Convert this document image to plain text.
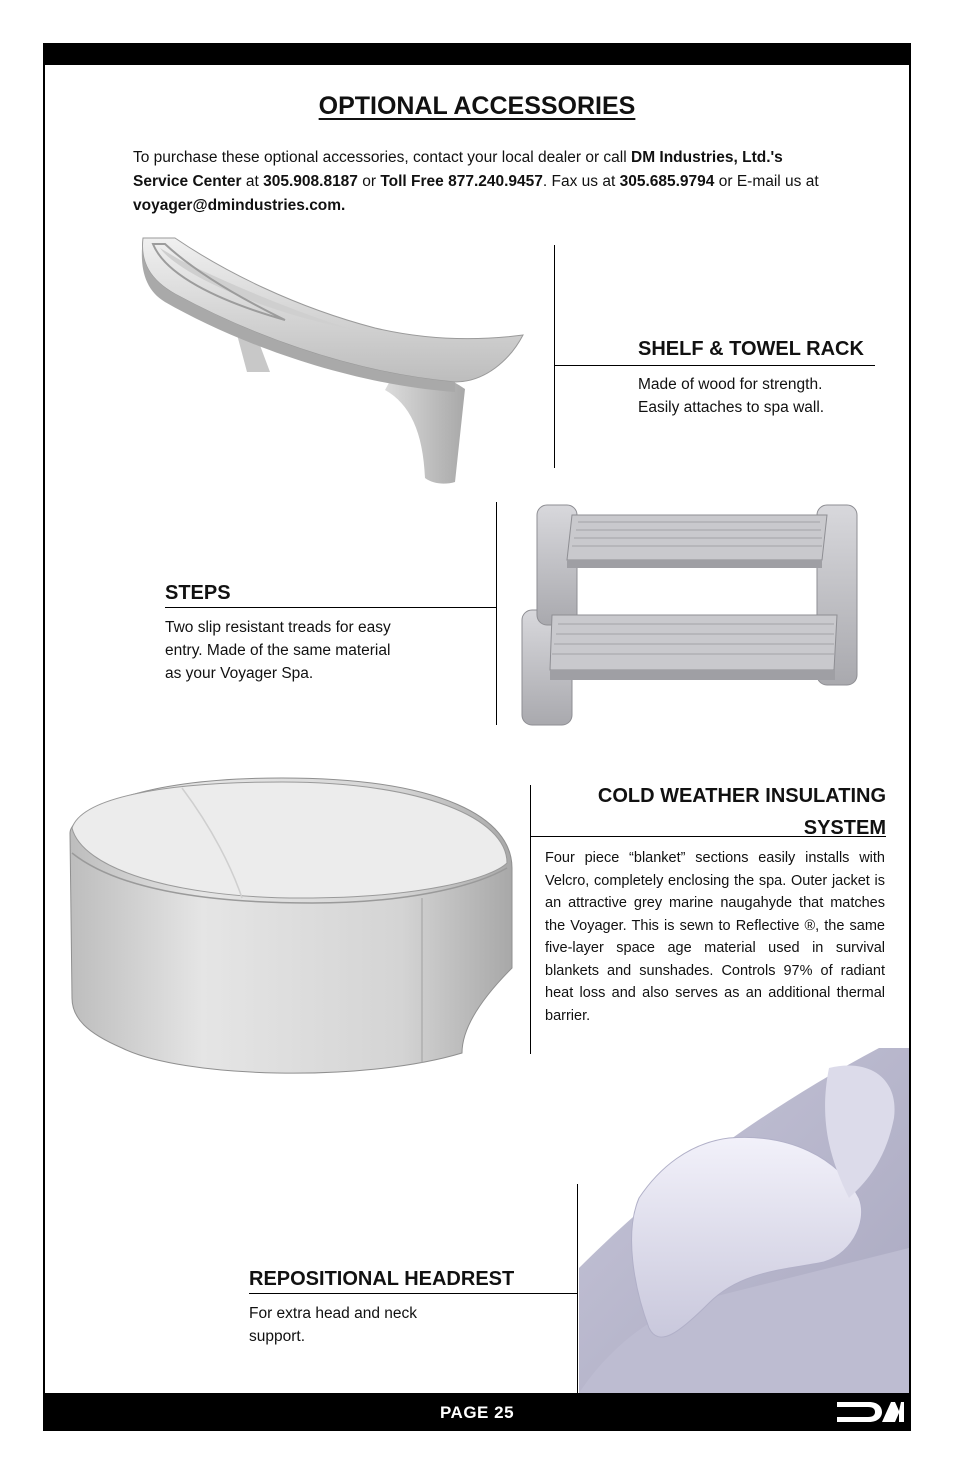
OPTIONAL ACCESSORIES
To purchase these optional accessories, contact your local dealer or call DM Industries, Ltd.'s Service Center at 305.908.8187 or Toll Free 877.240.9457. Fax us at 305.685.9794 or E-mail us at voyager@dmindustries.com.
SHELF & TOWEL RACK
Made of wood for strength. Easily attaches to spa wall.
STEPS
Two slip resistant treads for easy entry. Made of the same material as your Voyager Spa.
COLD WEATHER INSULATING SYSTEM
Four piece “blanket” sections easily installs with Velcro, completely enclosing the spa. Outer jacket is an attractive grey marine naugahyde that matches the Voyager. This is sewn to Reflective ®, the same five-layer space age material used in survival blankets and sunshades. Controls 97% of radiant heat loss and also serves as an additional thermal barrier.
REPOSITIONAL HEADREST
For extra head and neck support.
PAGE 25
